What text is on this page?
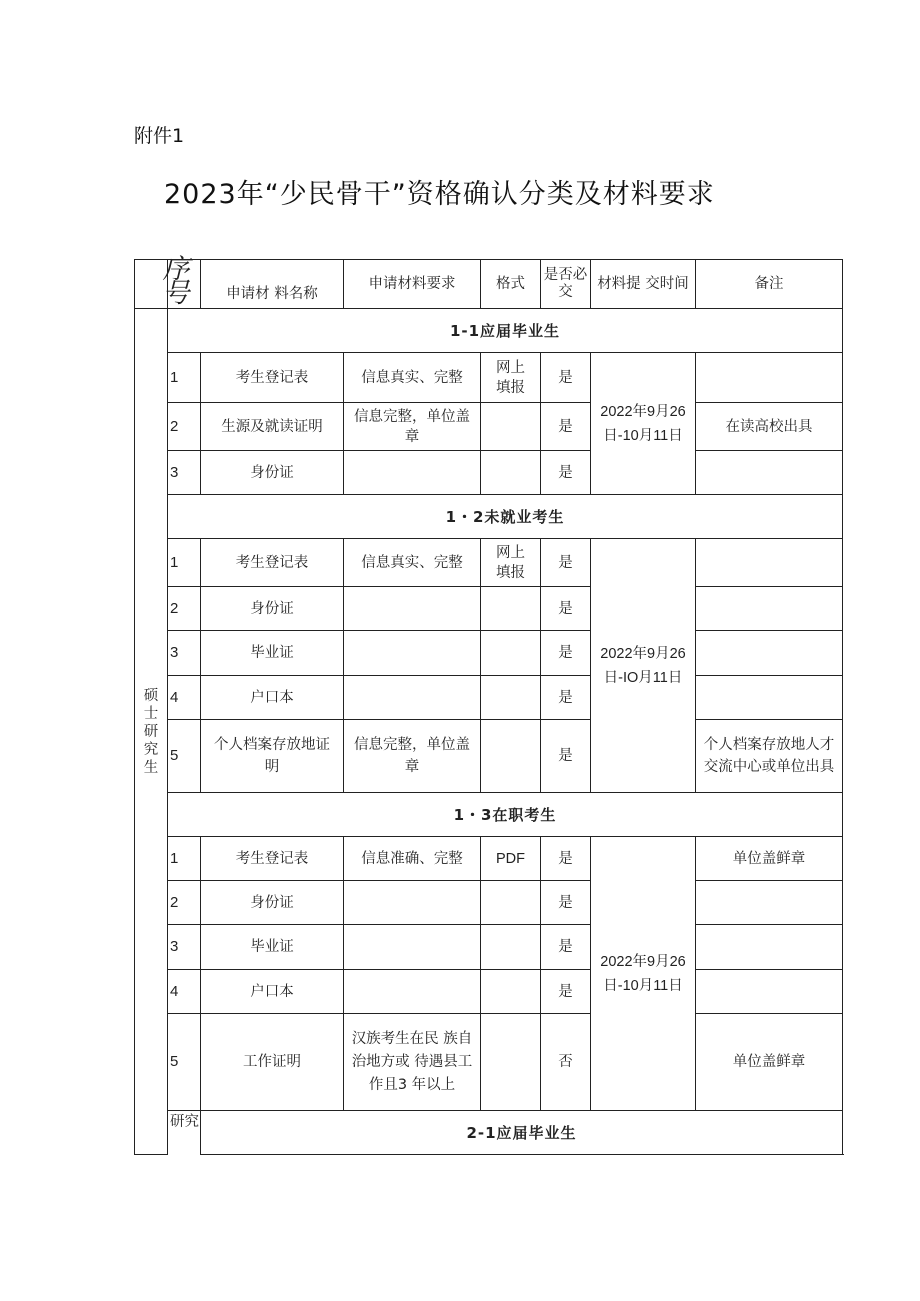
附件1
2023年“少民骨干”资格确认分类及材料要求
	序号	申请材 料名称	申请材料要求	格式	是否必交	材料提 交时间	备注
硕士研究生	1-1应届毕业生						
	1	考生登记表	信息真实、完整	网上填报	是	2022年9月26日-10月11日	
	2	生源及就读证明	信息完整，单位盖章		是		在读高校出具
	3	身份证			是		
	1・2未就业考生						
	1	考生登记表	信息真实、完整	网上填报	是	2022年9月26日-IO月11日	
	2	身份证			是		
	3	毕业证			是		
	4	户口本			是		
	5	个人档案存放地证明	信息完整，单位盖章		是		个人档案存放地人才交流中心或单位出具
	1・3在职考生						
	1	考生登记表	信息准确、完整	PDF	是	2022年9月26日-10月11日	单位盖鲜章
	2	身份证			是		
	3	毕业证			是		
	4	户口本			是		
	5	工作证明	汉族考生在民 族自治地方或 待遇县工作且3 年以上		否		单位盖鲜章
	研究	2-1应届毕业生					
